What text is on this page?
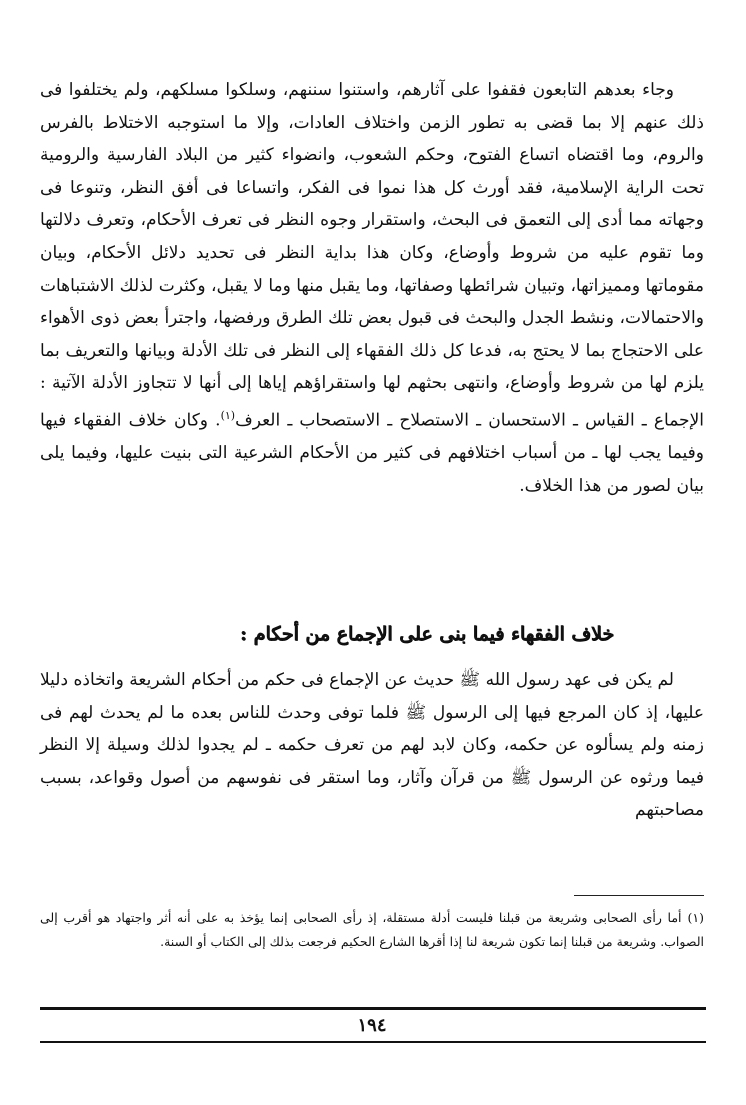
وجاء بعدهم التابعون فقفوا على آثارهم، واستنوا سننهم، وسلكوا مسلكهم، ولم يختلفوا فى ذلك عنهم إلا بما قضى به تطور الزمن واختلاف العادات، وإلا ما استوجبه الاختلاط بالفرس والروم، وما اقتضاه اتساع الفتوح، وحكم الشعوب، وانضواء كثير من البلاد الفارسية والرومية تحت الراية الإسلامية، فقد أورث كل هذا نموا فى الفكر، واتساعا فى أفق النظر، وتنوعا فى وجهاته مما أدى إلى التعمق فى البحث، واستقرار وجوه النظر فى تعرف الأحكام، وتعرف دلالتها وما تقوم عليه من شروط وأوضاع، وكان هذا بداية النظر فى تحديد دلائل الأحكام، وبيان مقوماتها ومميزاتها، وتبيان شرائطها وصفاتها، وما يقبل منها وما لا يقبل، وكثرت لذلك الاشتباهات والاحتمالات، ونشط الجدل والبحث فى قبول بعض تلك الطرق ورفضها، واجترأ بعض ذوى الأهواء على الاحتجاج بما لا يحتج به، فدعا كل ذلك الفقهاء إلى النظر فى تلك الأدلة وبيانها والتعريف بما يلزم لها من شروط وأوضاع، وانتهى بحثهم لها واستقراؤهم إياها إلى أنها لا تتجاوز الأدلة الآتية : الإجماع ـ القياس ـ الاستحسان ـ الاستصلاح ـ الاستصحاب ـ العرف$^{(١)}$. وكان خلاف الفقهاء فيها وفيما يجب لها ـ من أسباب اختلافهم فى كثير من الأحكام الشرعية التى بنيت عليها، وفيما يلى بيان لصور من هذا الخلاف.

خلاف الفقهاء فيما بنى على الإجماع من أحكام :

لم يكن فى عهد رسول الله ﷺ حديث عن الإجماع فى حكم من أحكام الشريعة واتخاذه دليلا عليها، إذ كان المرجع فيها إلى الرسول ﷺ فلما توفى وحدث للناس بعده ما لم يحدث لهم فى زمنه ولم يسألوه عن حكمه، وكان لابد لهم من تعرف حكمه ـ لم يجدوا لذلك وسيلة إلا النظر فيما ورثوه عن الرسول ﷺ من قرآن وآثار، وما استقر فى نفوسهم من أصول وقواعد، بسبب مصاحبتهم

(١)أما رأى الصحابى وشريعة من قبلنا فليست أدلة مستقلة، إذ رأى الصحابى إنما يؤخذ به على أنه أثر واجتهاد هو أقرب إلى الصواب. وشريعة من قبلنا إنما تكون شريعة لنا إذا أقرها الشارع الحكيم فرجعت بذلك إلى الكتاب أو السنة.

١٩٤
